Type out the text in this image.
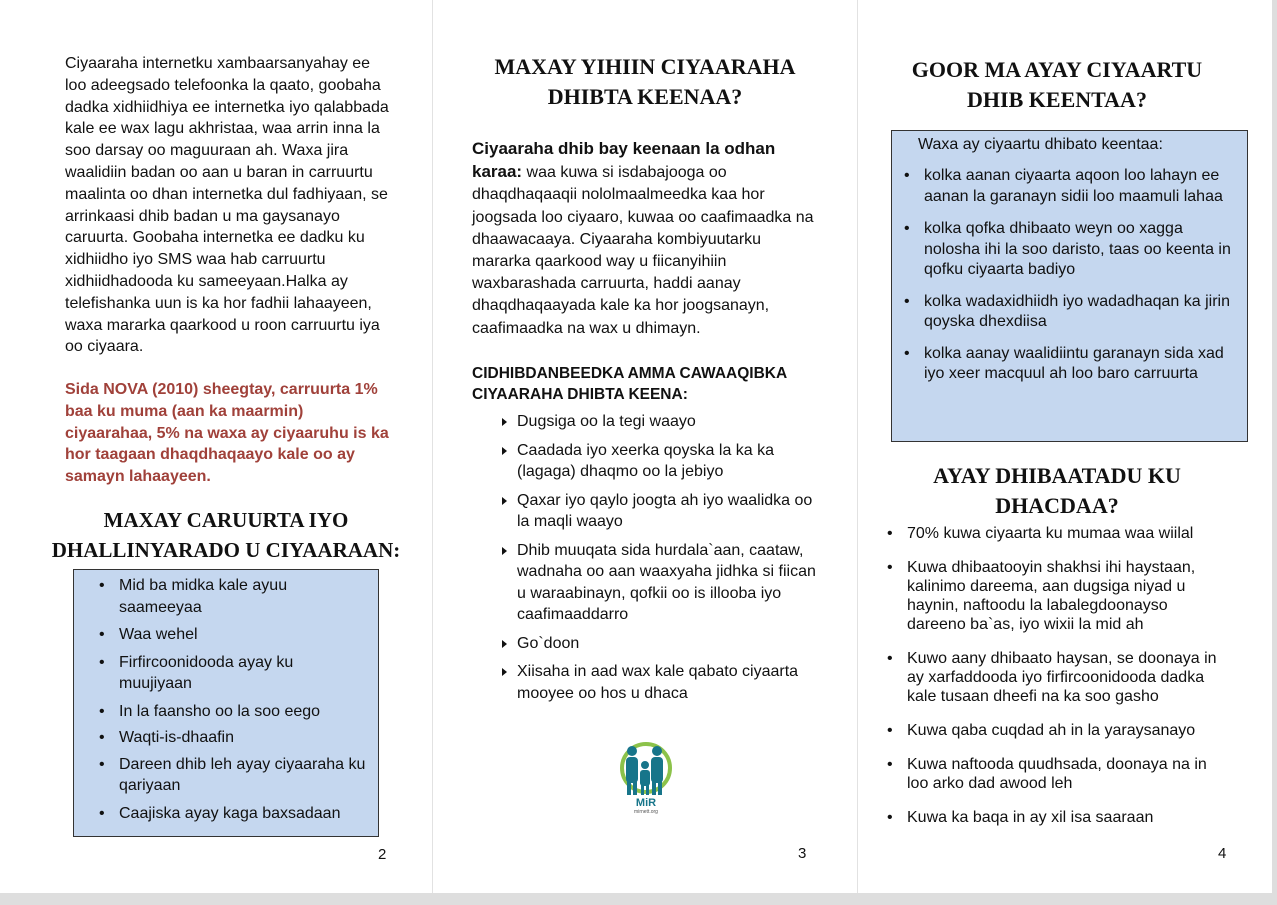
Ciyaaraha internetku xambaarsanyahay ee loo adeegsado telefoonka la qaato, goobaha dadka xidhiidhiya ee internetka iyo qalabbada kale ee wax lagu akhristaa, waa arrin inna la soo darsay oo maguuraan ah. Waxa jira waalidiin badan oo aan u baran in carruurtu maalinta oo dhan internetka dul fadhiyaan, se arrinkaasi dhib badan u ma gaysanayo caruurta. Goobaha internetka ee dadku ku xidhiidho iyo SMS waa hab carruurtu xidhiidhadooda ku sameeyaan.Halka ay telefishanka uun is ka hor fadhii lahaayeen, waxa mararka qaarkood u roon carruurtu iya oo ciyaara.

Sida NOVA (2010) sheegtay, carruurta 1% baa ku muma (aan ka maarmin) ciyaarahaa, 5% na waxa ay ciyaaruhu is ka hor taagaan dhaqdhaqaayo kale oo ay samayn lahaayeen.

MAXAY CARUURTA IYO
DHALLINYARADO U CIYAARAAN:
• Mid ba midka kale ayuu saameeyaa
• Waa wehel
• Firfircoonidooda ayay ku muujiyaan
• In la faansho oo la soo eego
• Waqti-is-dhaafin
• Dareen dhib leh ayay ciyaaraha ku qariyaan
• Caajiska ayay kaga baxsadaan
2
MAXAY YIHIIN CIYAARAHA
DHIBTA KEENAA?

Ciyaaraha dhib bay keenaan la odhan karaa: waa kuwa si isdabajooga oo dhaqdhaqaaqii nololmaalmeedka kaa hor joogsada loo ciyaaro, kuwaa oo caafimaadka na dhaawacaaya. Ciyaaraha kombiyuutarku mararka qaarkood way u fiicanyihiin waxbarashada carruurta, haddi aanay dhaqdhaqaayada kale ka hor joogsanayn, caafimaadka na wax u dhimayn.

CIDHIBDANBEEDKA AMMA CAWAAQIBKA
CIYAARAHA DHIBTA KEENA:
Dugsiga oo la tegi waayo
Caadada iyo xeerka qoyska la ka ka (lagaga) dhaqmo oo la jebiyo
Qaxar iyo qaylo joogta ah iyo waalidka oo la maqli waayo
Dhib muuqata sida hurdala`aan, caataw, wadnaha oo aan waaxyaha jidhka si fiican u waraabinayn, qofkii oo is illooba iyo caafimaaddarro
Go`doon
Xiisaha in aad wax kale qabato ciyaarta mooyee oo hos u dhaca
MiR
mirnett.org
3
GOOR MA AYAY CIYAARTU
DHIB KEENTAA?
Waxa ay ciyaartu dhibato keentaa:
• kolka aanan ciyaarta aqoon loo lahayn ee aanan la garanayn sidii loo maamuli lahaa
• kolka qofka dhibaato weyn oo xagga nolosha ihi la soo daristo, taas oo keenta in qofku ciyaarta badiyo
• kolka wadaxidhiidh iyo wadadhaqan ka jirin qoyska dhexdiisa
• kolka aanay waalidiintu garanayn sida xad iyo xeer macquul ah loo baro carruurta
AYAY DHIBAATADU KU
DHACDAA?
• 70% kuwa ciyaarta ku mumaa waa wiilal
• Kuwa dhibaatooyin shakhsi ihi haystaan, kalinimo dareema, aan dugsiga niyad u haynin, naftoodu la labalegdoonayso dareeno ba`as, iyo wixii la mid ah
• Kuwo aany dhibaato haysan, se doonaya in ay xarfaddooda iyo firfircoonidooda dadka kale tusaan dheefi na ka soo gasho
• Kuwa qaba cuqdad ah in la yaraysanayo
• Kuwa naftooda quudhsada, doonaya na in loo arko dad awood leh
• Kuwa ka baqa in ay xil isa saaraan
4
